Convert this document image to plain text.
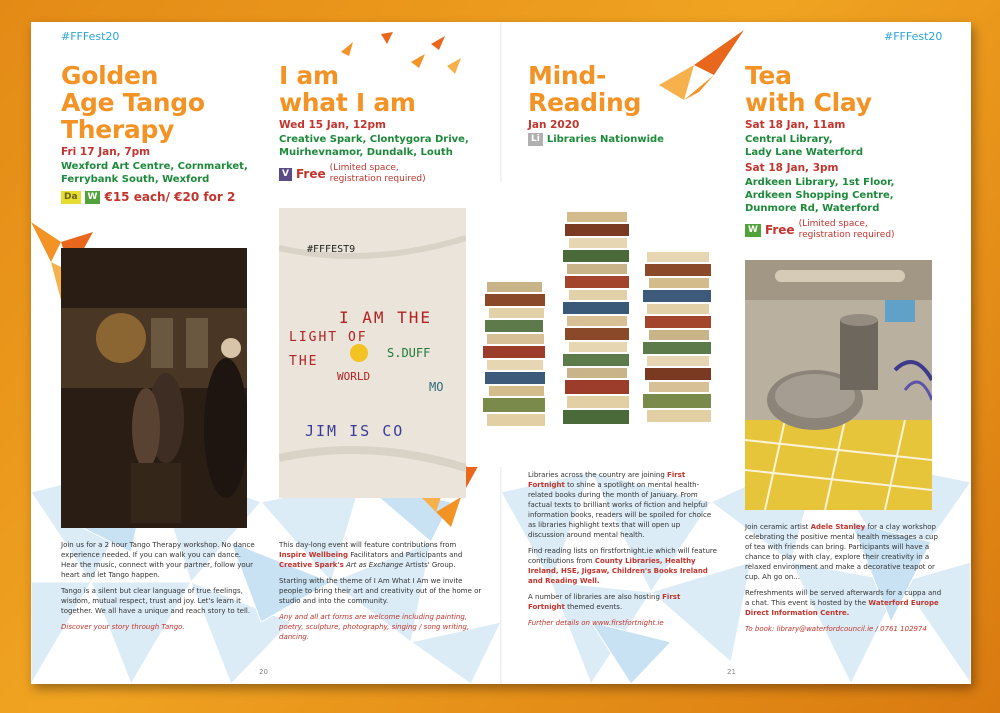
#FFFest20	#FFFest20
Golden
Age Tango
Therapy
Fri 17 Jan, 7pm
Wexford Art Centre, Cornmarket,
Ferrybank South, Wexford
Da	W €15 each/ €20 for 2

Join us for a 2 hour Tango Therapy workshop. No dance experience needed. If you can walk you can dance. Hear the music, connect with your partner, follow your heart and let Tango happen.

Tango is a silent but clear language of true feelings, wisdom, mutual respect, trust and joy. Let's learn it together. We all have a unique and reach story to tell.

Discover your story through Tango.

I am
what I am
Wed 15 Jan, 12pm
Creative Spark, Clontygora Drive,
Muirhevnamor, Dundalk, Louth
V Free (Limited space,
registration required)
#FFFEST9
I AM THE
LIGHT OF
THE
WORLD
S.DUFF
MO
JIM IS CO

This day-long event will feature contributions from Inspire Wellbeing Facilitators and Participants and Creative Spark's Art as Exchange Artists' Group.

Starting with the theme of I Am What I Am we invite people to bring their art and creativity out of the home or studio and into the community.

Any and all art forms are welcome including painting, poetry, sculpture, photography, singing / song writing, dancing.

Mind-
Reading
Jan 2020
Li Libraries Nationwide

Libraries across the country are joining First Fortnight to shine a spotlight on mental health-related books during the month of January. From factual texts to brilliant works of fiction and helpful information books, readers will be spoiled for choice as libraries highlight texts that will open up discussion around mental health.

Find reading lists on firstfortnight.ie which will feature contributions from County Libraries, Healthy Ireland, HSE, Jigsaw, Children's Books Ireland and Reading Well.

A number of libraries are also hosting First Fortnight themed events.

Further details on www.firstfortnight.ie

Tea
with Clay
Sat 18 Jan, 11am
Central Library,
Lady Lane Waterford
Sat 18 Jan, 3pm
Ardkeen Library, 1st Floor,
Ardkeen Shopping Centre,
Dunmore Rd, Waterford
W Free (Limited space,
registration required)

Join ceramic artist Adele Stanley for a clay workshop celebrating the positive mental health messages a cup of tea with friends can bring. Participants will have a chance to play with clay, explore their creativity in a relaxed environment and make a decorative teapot or cup. Ah go on...

Refreshments will be served afterwards for a cuppa and a chat. This event is hosted by the Waterford Europe Direct Information Centre.

To book: library@waterfordcouncil.ie / 0761 102974

20	21
